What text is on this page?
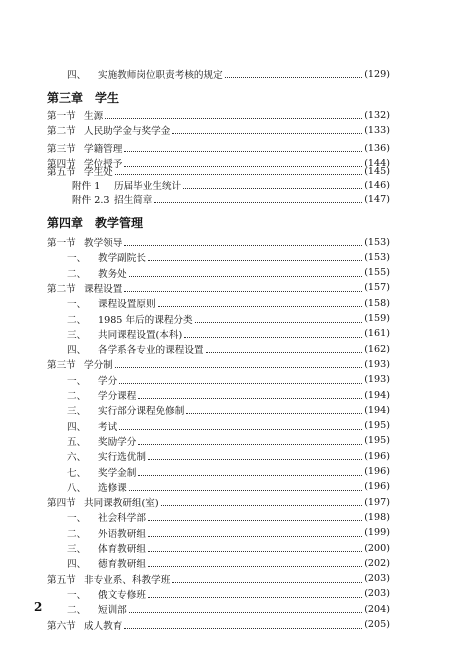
四、	实施教师岗位职责考核的规定	(129)
第三章 学生
第一节 生源	(132)
第二节 人民助学金与奖学金	(133)
第三节 学籍管理	(136)
第四节 学位授予	(144)
第五节 学生处	(145)
附件 1	历届毕业生统计	(146)
附件 2.3 招生简章	(147)
第四章 教学管理
第一节 教学领导	(153)
一、	教学副院长	(153)
二、	教务处	(155)
第二节 课程设置	(157)
一、	课程设置原则	(158)
二、	1985 年后的课程分类	(159)
三、	共同课程设置(本科)	(161)
四、	各学系各专业的课程设置	(162)
第三节 学分制	(193)
一、	学分	(193)
二、	学分课程	(194)
三、	实行部分课程免修制	(194)
四、	考试	(195)
五、	奖励学分	(195)
六、	实行选优制	(196)
七、	奖学金制	(196)
八、	选修课	(196)
第四节 共同课教研组(室)	(197)
一、	社会科学部	(198)
二、	外语教研组	(199)
三、	体育教研组	(200)
四、	德育教研组	(202)
第五节 非专业系、科教学班	(203)
一、	俄文专修班	(203)
二、	短训部	(204)
第六节 成人教育	(205)
2
